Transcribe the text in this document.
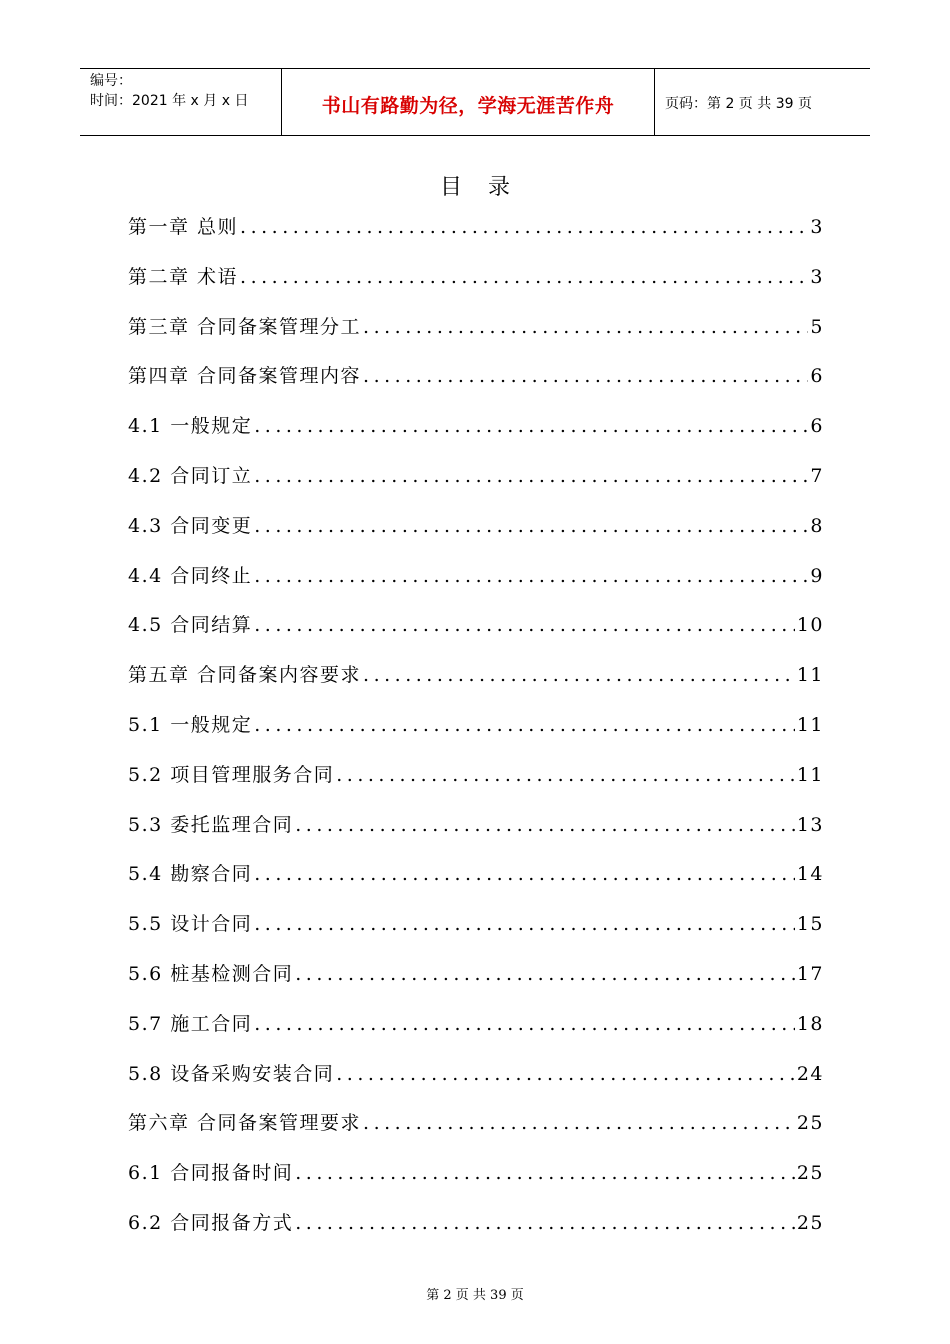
编号：
时间：2021 年 x 月 x 日	书山有路勤为径，学海无涯苦作舟	页码：第 2 页 共 39 页
目录
第一章 总则 .....	3
第二章 术语 .....	3
第三章 合同备案管理分工 .....	5
第四章 合同备案管理内容 .....	6
4.1 一般规定 .....	6
4.2 合同订立 .....	7
4.3 合同变更 .....	8
4.4 合同终止 .....	9
4.5 合同结算 .....	10
第五章 合同备案内容要求 .....	11
5.1 一般规定 .....	11
5.2 项目管理服务合同 .....	11
5.3 委托监理合同 .....	13
5.4 勘察合同 .....	14
5.5 设计合同 .....	15
5.6 桩基检测合同 .....	17
5.7 施工合同 .....	18
5.8 设备采购安装合同 .....	24
第六章 合同备案管理要求 .....	25
6.1 合同报备时间 .....	25
6.2 合同报备方式 .....	25
第 2 页 共 39 页
